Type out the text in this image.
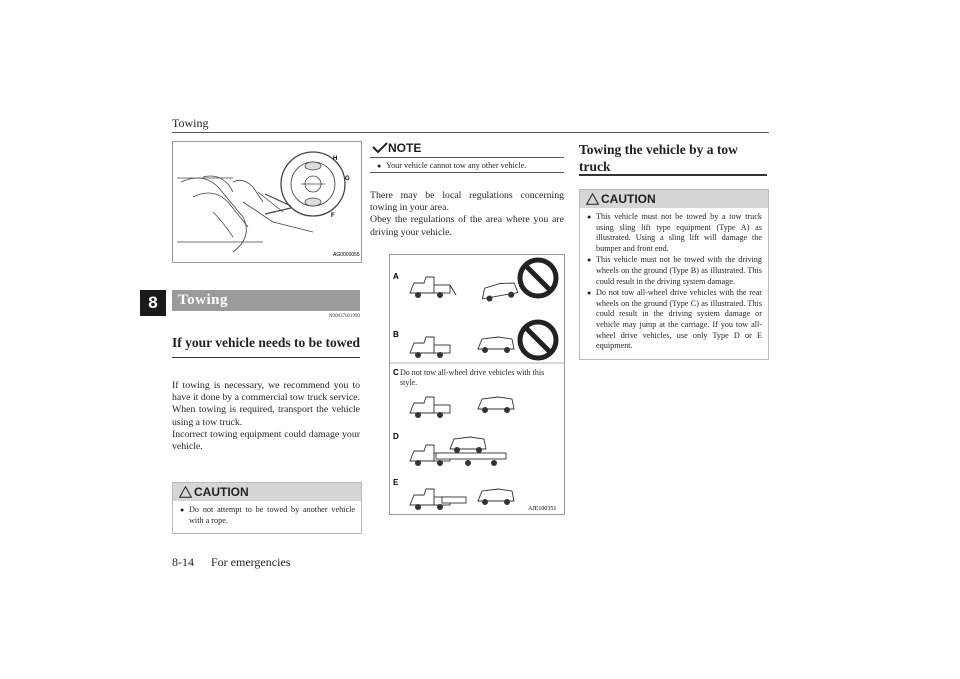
Towing
8
H
G
F
AG0000055
Towing
N00837001999
If your vehicle needs to be towed
If towing is necessary, we recommend you to have it done by a commercial tow truck service.
When towing is required, transport the vehicle using a tow truck.
Incorrect towing equipment could damage your vehicle.
CAUTION
● Do not attempt to be towed by another vehicle with a rope.
NOTE
● Your vehicle cannot tow any other vehicle.
There may be local regulations concerning towing in your area.
Obey the regulations of the area where you are driving your vehicle.
A
B
C
D
E
AJE100351
Do not tow all-wheel drive vehicles with this style.
Towing the vehicle by a tow truck
CAUTION
● This vehicle must not be towed by a tow truck using sling lift type equipment (Type A) as illustrated. Using a sling lift will damage the bumper and front end.
● This vehicle must not be towed with the driving wheels on the ground (Type B) as illustrated. This could result in the driving system damage.
● Do not tow all-wheel drive vehicles with the rear wheels on the ground (Type C) as illustrated. This could result in the driving system damage or vehicle may jump at the carriage. If you tow all-wheel drive vehicles, use only Type D or E equipment.
8-14 For emergencies
